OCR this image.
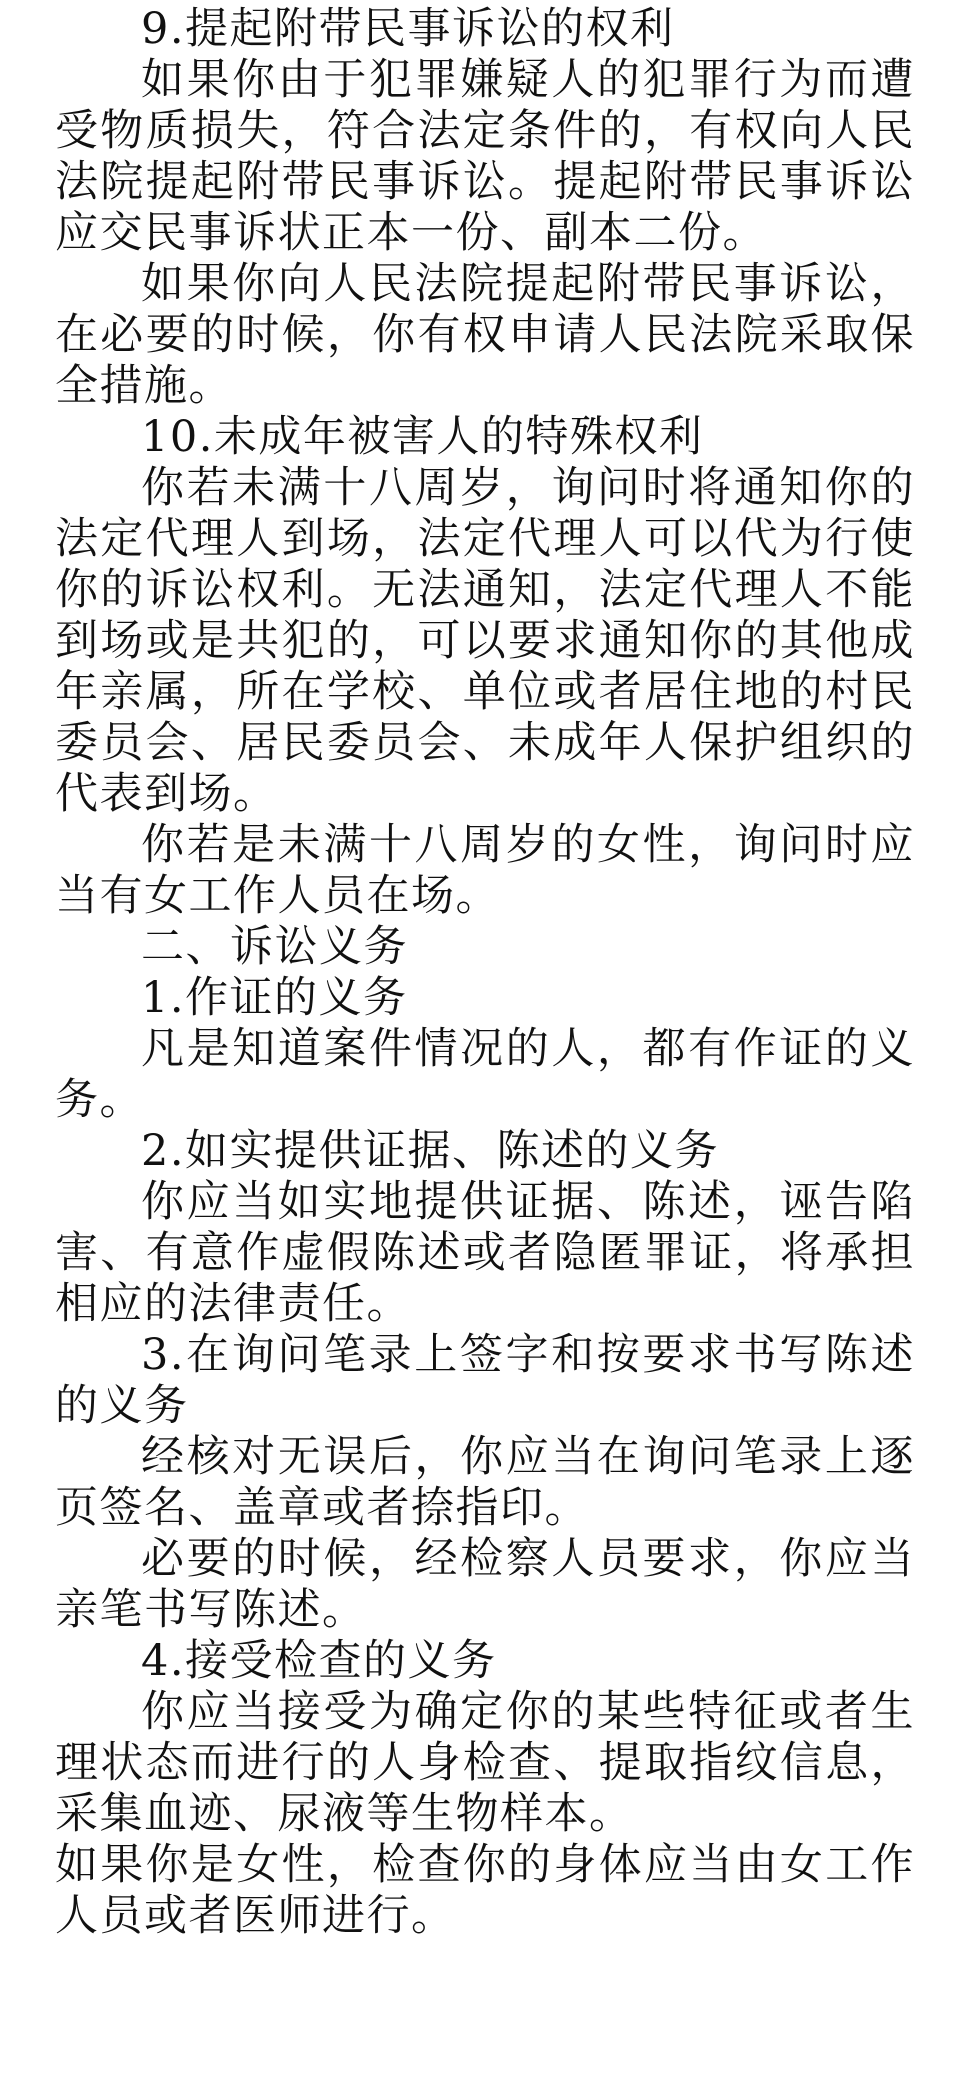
9.提起附带民事诉讼的权利

如果你由于犯罪嫌疑人的犯罪行为而遭受物质损失，符合法定条件的，有权向人民法院提起附带民事诉讼。提起附带民事诉讼应交民事诉状正本一份、副本二份。

如果你向人民法院提起附带民事诉讼，在必要的时候，你有权申请人民法院采取保全措施。

10.未成年被害人的特殊权利

你若未满十八周岁，询问时将通知你的法定代理人到场，法定代理人可以代为行使你的诉讼权利。无法通知，法定代理人不能到场或是共犯的，可以要求通知你的其他成年亲属，所在学校、单位或者居住地的村民委员会、居民委员会、未成年人保护组织的代表到场。

你若是未满十八周岁的女性，询问时应当有女工作人员在场。

二、诉讼义务

1.作证的义务

凡是知道案件情况的人，都有作证的义务。

2.如实提供证据、陈述的义务

你应当如实地提供证据、陈述，诬告陷害、有意作虚假陈述或者隐匿罪证，将承担相应的法律责任。

3.在询问笔录上签字和按要求书写陈述的义务

经核对无误后，你应当在询问笔录上逐页签名、盖章或者捺指印。

必要的时候，经检察人员要求，你应当亲笔书写陈述。

4.接受检查的义务

你应当接受为确定你的某些特征或者生理状态而进行的人身检查、提取指纹信息，采集血迹、尿液等生物样本。

如果你是女性，检查你的身体应当由女工作人员或者医师进行。
